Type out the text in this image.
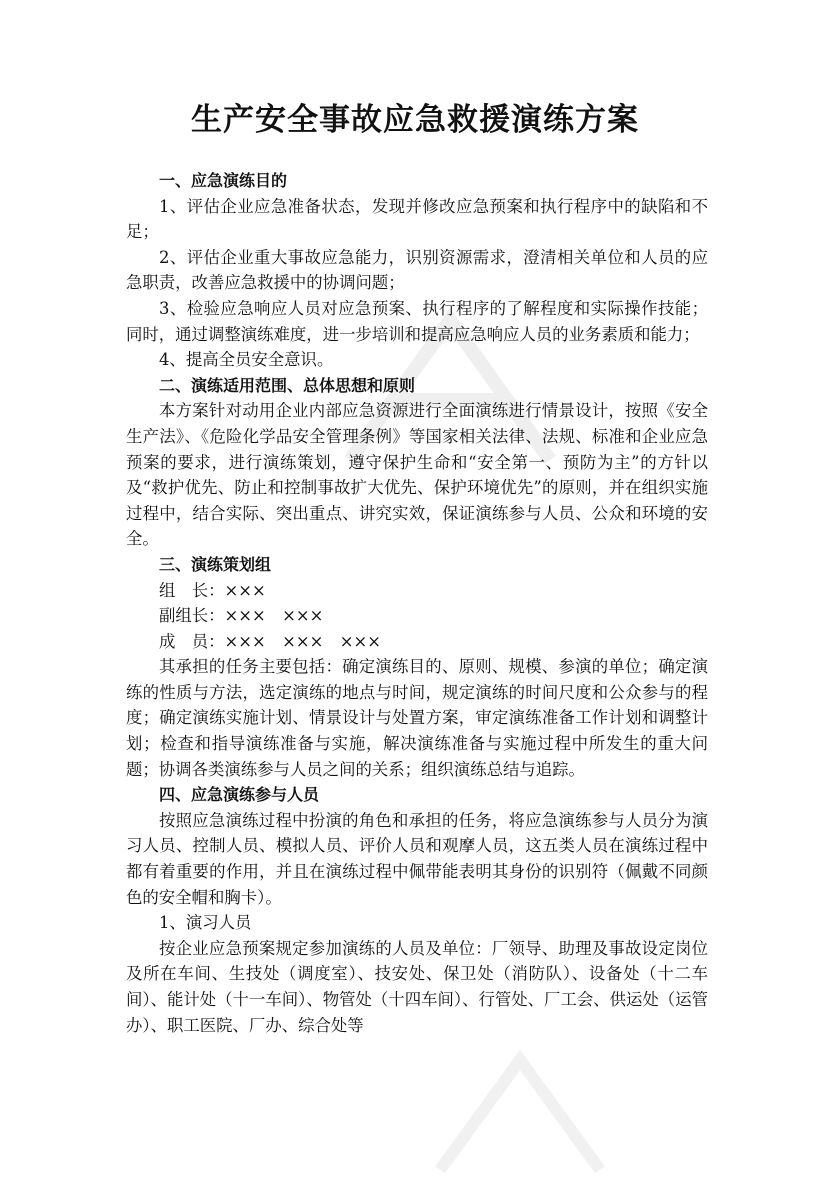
生产安全事故应急救援演练方案

一、应急演练目的

1、评估企业应急准备状态，发现并修改应急预案和执行程序中的缺陷和不足；

2、评估企业重大事故应急能力，识别资源需求，澄清相关单位和人员的应急职责，改善应急救援中的协调问题；

3、检验应急响应人员对应急预案、执行程序的了解程度和实际操作技能；同时，通过调整演练难度，进一步培训和提高应急响应人员的业务素质和能力；

4、提高全员安全意识。

二、演练适用范围、总体思想和原则

本方案针对动用企业内部应急资源进行全面演练进行情景设计，按照《安全生产法》、《危险化学品安全管理条例》等国家相关法律、法规、标准和企业应急预案的要求，进行演练策划，遵守保护生命和“安全第一、预防为主”的方针以及“救护优先、防止和控制事故扩大优先、保护环境优先”的原则，并在组织实施过程中，结合实际、突出重点、讲究实效，保证演练参与人员、公众和环境的安全。

三、演练策划组

组　长：×××

副组长：×××　×××

成　员：×××　×××　×××

其承担的任务主要包括：确定演练目的、原则、规模、参演的单位；确定演练的性质与方法，选定演练的地点与时间，规定演练的时间尺度和公众参与的程度；确定演练实施计划、情景设计与处置方案，审定演练准备工作计划和调整计划；检查和指导演练准备与实施，解决演练准备与实施过程中所发生的重大问题；协调各类演练参与人员之间的关系；组织演练总结与追踪。

四、应急演练参与人员

按照应急演练过程中扮演的角色和承担的任务，将应急演练参与人员分为演习人员、控制人员、模拟人员、评价人员和观摩人员，这五类人员在演练过程中都有着重要的作用，并且在演练过程中佩带能表明其身份的识别符（佩戴不同颜色的安全帽和胸卡）。

1、演习人员

按企业应急预案规定参加演练的人员及单位：厂领导、助理及事故设定岗位及所在车间、生技处（调度室）、技安处、保卫处（消防队）、设备处（十二车间）、能计处（十一车间）、物管处（十四车间）、行管处、厂工会、供运处（运管办）、职工医院、厂办、综合处等
